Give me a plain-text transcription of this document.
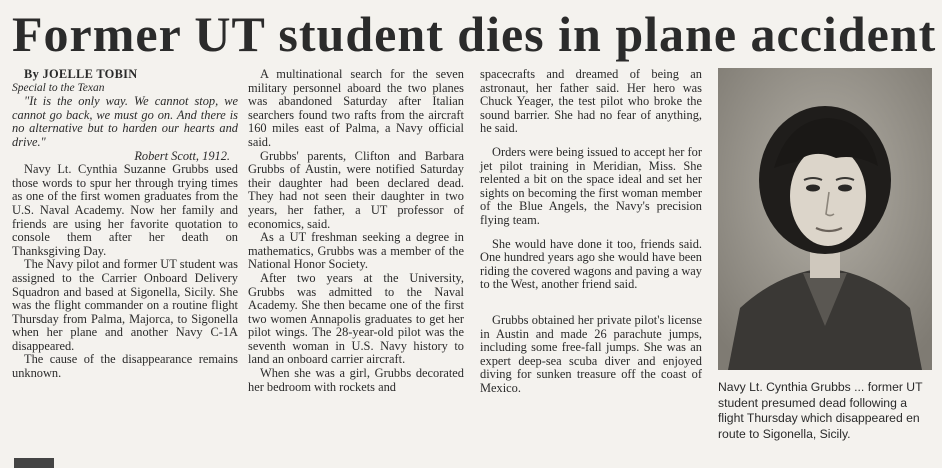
Former UT student dies in plane accident

By JOELLE TOBIN

Special to the Texan

"It is the only way. We cannot stop, we cannot go back, we must go on. And there is no alternative but to harden our hearts and drive."

Robert Scott, 1912.

Navy Lt. Cynthia Suzanne Grubbs used those words to spur her through trying times as one of the first women graduates from the U.S. Naval Academy. Now her family and friends are using her favorite quotation to console them after her death on Thanksgiving Day.

The Navy pilot and former UT student was assigned to the Carrier Onboard Delivery Squadron and based at Sigonella, Sicily. She was the flight commander on a routine flight Thursday from Palma, Majorca, to Sigonella when her plane and another Navy C-1A disappeared.

The cause of the disappearance remains unknown.

A multinational search for the seven military personnel aboard the two planes was abandoned Saturday after Italian searchers found two rafts from the aircraft 160 miles east of Palma, a Navy official said.

Grubbs' parents, Clifton and Barbara Grubbs of Austin, were notified Saturday their daughter had been declared dead. They had not seen their daughter in two years, her father, a UT professor of economics, said.

As a UT freshman seeking a degree in mathematics, Grubbs was a member of the National Honor Society.

After two years at the University, Grubbs was admitted to the Naval Academy. She then became one of the first two women Annapolis graduates to get her pilot wings. The 28-year-old pilot was the seventh woman in U.S. Navy history to land an onboard carrier aircraft.

When she was a girl, Grubbs decorated her bedroom with rockets and

spacecrafts and dreamed of being an astronaut, her father said. Her hero was Chuck Yeager, the test pilot who broke the sound barrier. She had no fear of anything, he said.

Orders were being issued to accept her for jet pilot training in Meridian, Miss. She relented a bit on the space ideal and set her sights on becoming the first woman member of the Blue Angels, the Navy's precision flying team.

She would have done it too, friends said. One hundred years ago she would have been riding the covered wagons and paving a way to the West, another friend said.

Grubbs obtained her private pilot's license in Austin and made 26 parachute jumps, including some free-fall jumps. She was an expert deep-sea scuba diver and enjoyed diving for sunken treasure off the coast of Mexico.	Navy Lt. Cynthia Grubbs ... former UT student presumed dead following a flight Thursday which disappeared en route to Sigonella, Sicily.
